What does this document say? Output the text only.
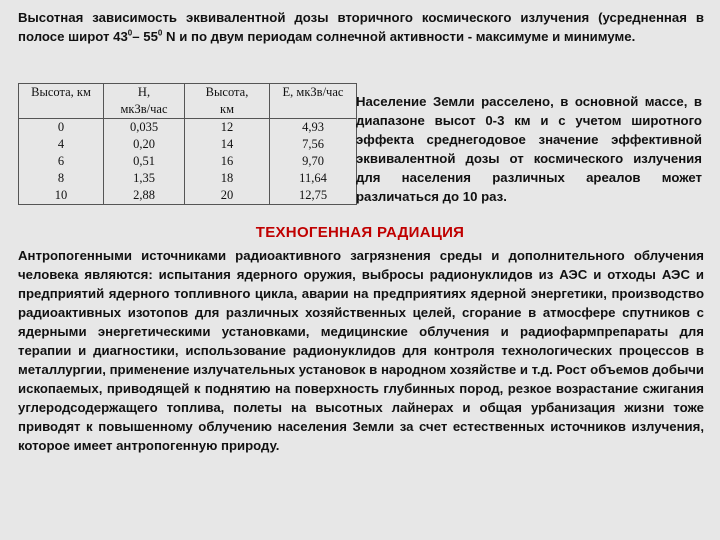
Высотная зависимость эквивалентной дозы вторичного космического излучения (усредненная в полосе широт $43^0-$ $55^0$ N и по двум периодам солнечной активности - максимуме и минимуме.
Высота, км	H,	Высота,	E, мкЗв/час
	мкЗв/час	км	
0	0,035	12	4,93
4	0,20	14	7,56
6	0,51	16	9,70
8	1,35	18	11,64
10	2,88	20	12,75
Население Земли расселено, в основной массе, в диапазоне высот 0-3 км и с учетом широтного эффекта среднегодовое значение эффективной эквивалентной дозы от космического излучения для населения различных ареалов может различаться до 10 раз.
ТЕХНОГЕННАЯ РАДИАЦИЯ
Антропогенными источниками радиоактивного загрязнения среды и дополнительного облучения человека являются: испытания ядерного оружия, выбросы радионуклидов из АЭС и отходы АЭС и предприятий ядерного топливного цикла, аварии на предприятиях ядерной энергетики, производство радиоактивных изотопов для различных хозяйственных целей, сгорание в атмосфере спутников с ядерными энергетическими установками, медицинские облучения и радиофармпрепараты для терапии и диагностики, использование радионуклидов для контроля технологических процессов в металлургии, применение излучательных установок в народном хозяйстве и т.д. Рост объемов добычи ископаемых, приводящей к поднятию на поверхность глубинных пород, резкое возрастание сжигания углеродсодержащего топлива, полеты на высотных лайнерах и общая урбанизация жизни тоже приводят к повышенному облучению населения Земли за счет естественных источников излучения, которое имеет антропогенную природу.
